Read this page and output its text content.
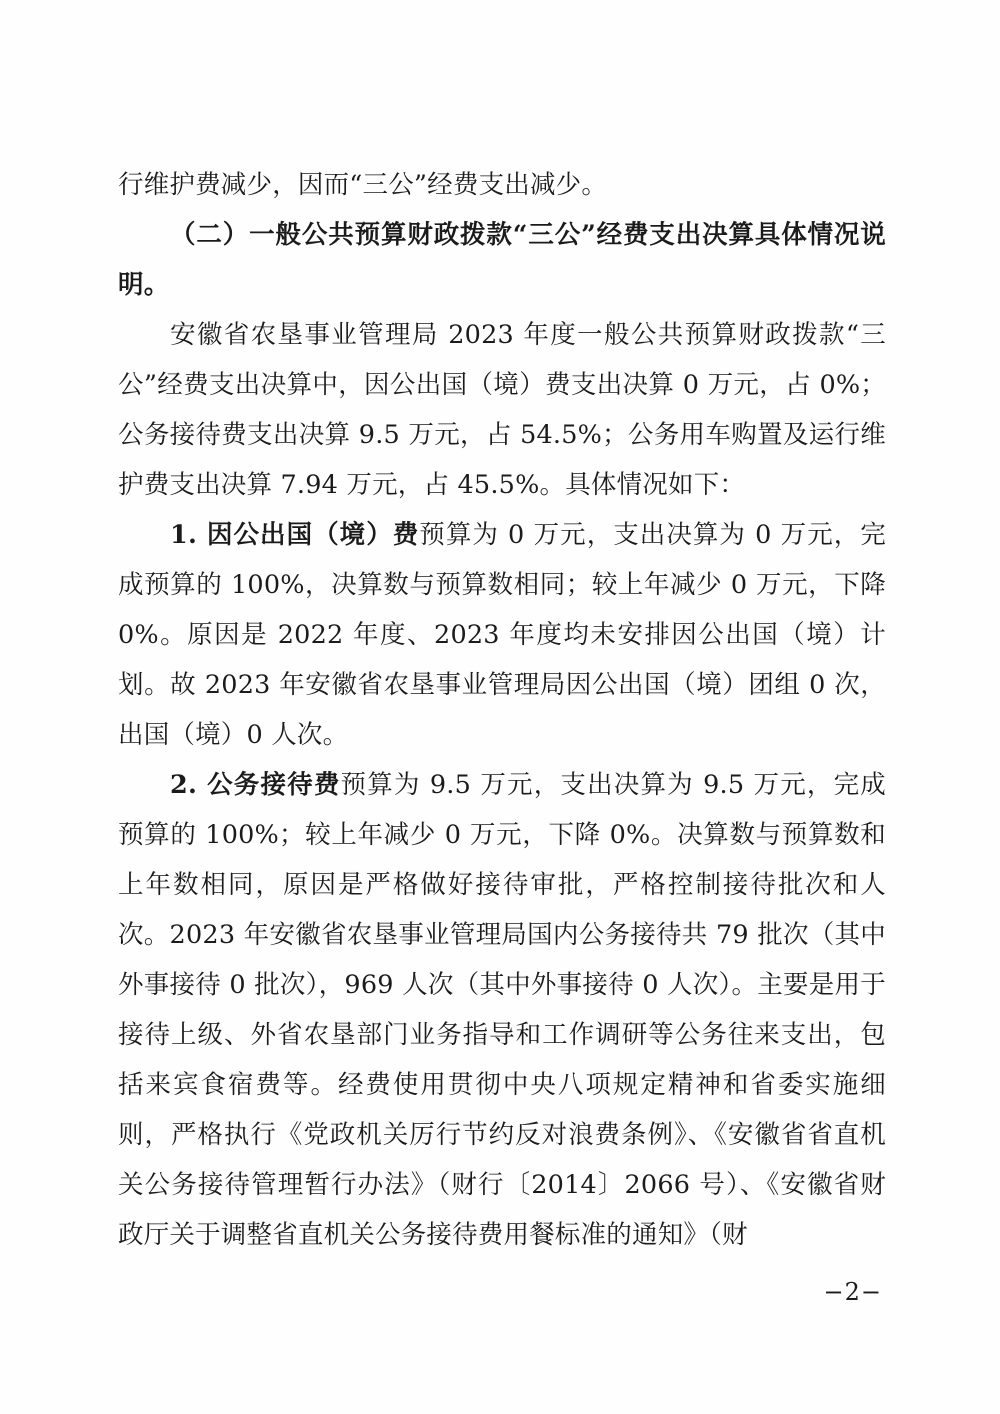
行维护费减少，因而“三公”经费支出减少。

（二）一般公共预算财政拨款“三公”经费支出决算具体情况说明。

安徽省农垦事业管理局 2023 年度一般公共预算财政拨款“三公”经费支出决算中，因公出国（境）费支出决算 0 万元，占 0%；公务接待费支出决算 9.5 万元，占 54.5%；公务用车购置及运行维护费支出决算 7.94 万元，占 45.5%。具体情况如下：

1. 因公出国（境）费预算为 0 万元，支出决算为 0 万元，完成预算的 100%，决算数与预算数相同；较上年减少 0 万元，下降 0%。原因是 2022 年度、2023 年度均未安排因公出国（境）计划。故 2023 年安徽省农垦事业管理局因公出国（境）团组 0 次，出国（境）0 人次。

2. 公务接待费预算为 9.5 万元，支出决算为 9.5 万元，完成预算的 100%；较上年减少 0 万元，下降 0%。决算数与预算数和上年数相同，原因是严格做好接待审批，严格控制接待批次和人次。2023 年安徽省农垦事业管理局国内公务接待共 79 批次（其中外事接待 0 批次），969 人次（其中外事接待 0 人次）。主要是用于接待上级、外省农垦部门业务指导和工作调研等公务往来支出，包括来宾食宿费等。经费使用贯彻中央八项规定精神和省委实施细则，严格执行《党政机关厉行节约反对浪费条例》、《安徽省省直机关公务接待管理暂行办法》（财行〔2014〕2066 号）、《安徽省财政厅关于调整省直机关公务接待费用餐标准的通知》（财

−2−
